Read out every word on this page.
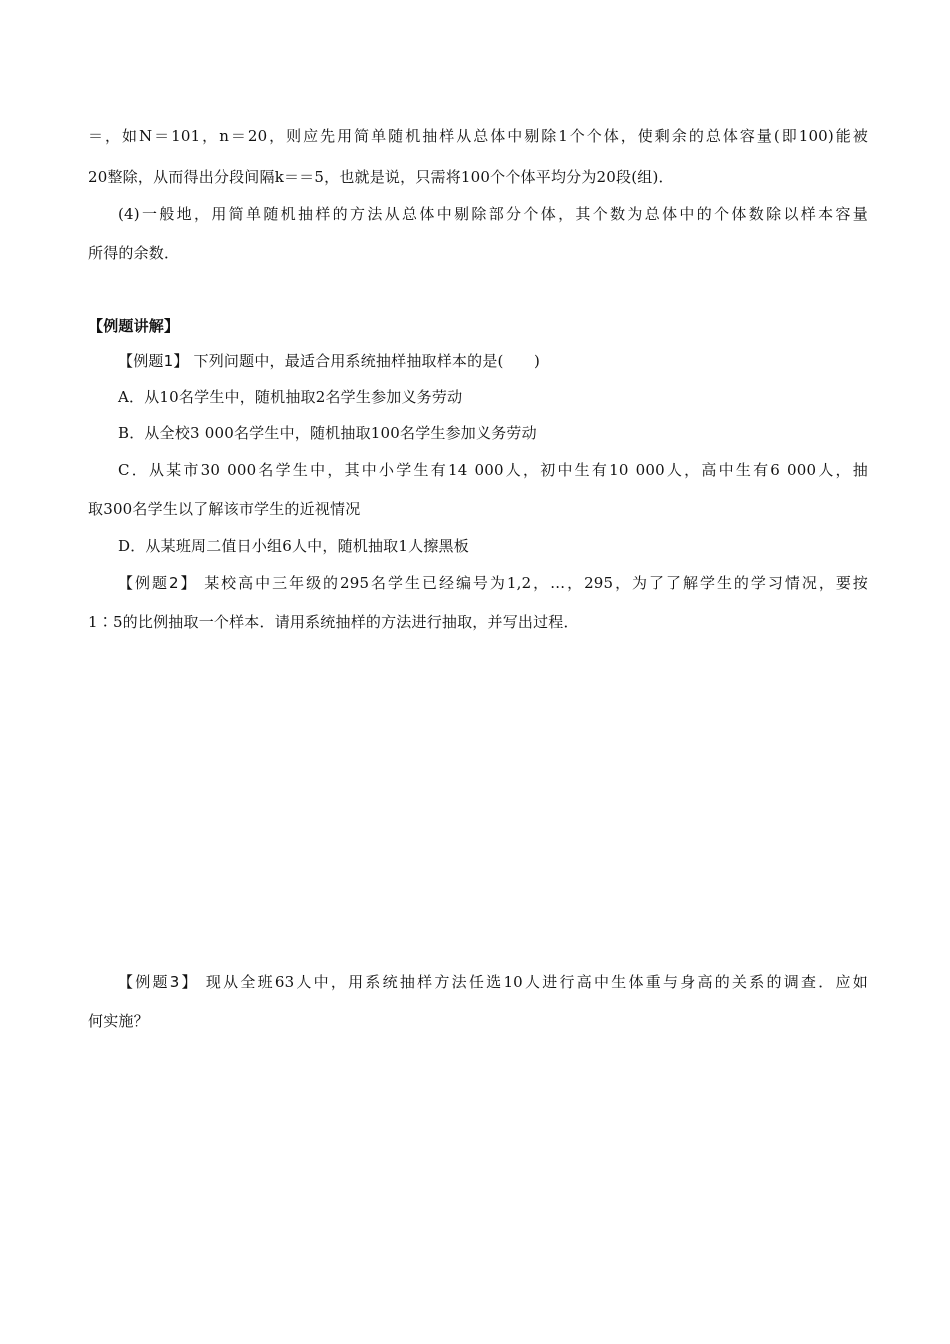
＝，如N＝101，n＝20，则应先用简单随机抽样从总体中剔除1个个体，使剩余的总体容量(即100)能被
20整除，从而得出分段间隔k＝＝5，也就是说，只需将100个个体平均分为20段(组)．
(4)一般地，用简单随机抽样的方法从总体中剔除部分个体，其个数为总体中的个体数除以样本容量
所得的余数．
【例题讲解】
【例题1】 下列问题中，最适合用系统抽样抽取样本的是(　　)
A．从10名学生中，随机抽取2名学生参加义务劳动
B．从全校3 000名学生中，随机抽取100名学生参加义务劳动
C．从某市30 000名学生中，其中小学生有14 000人，初中生有10 000人，高中生有6 000人，抽
取300名学生以了解该市学生的近视情况
D．从某班周二值日小组6人中，随机抽取1人擦黑板
【例题2】 某校高中三年级的295名学生已经编号为1,2，…，295，为了了解学生的学习情况，要按
1∶5的比例抽取一个样本．请用系统抽样的方法进行抽取，并写出过程．
【例题3】 现从全班63人中，用系统抽样方法任选10人进行高中生体重与身高的关系的调查．应如
何实施？
